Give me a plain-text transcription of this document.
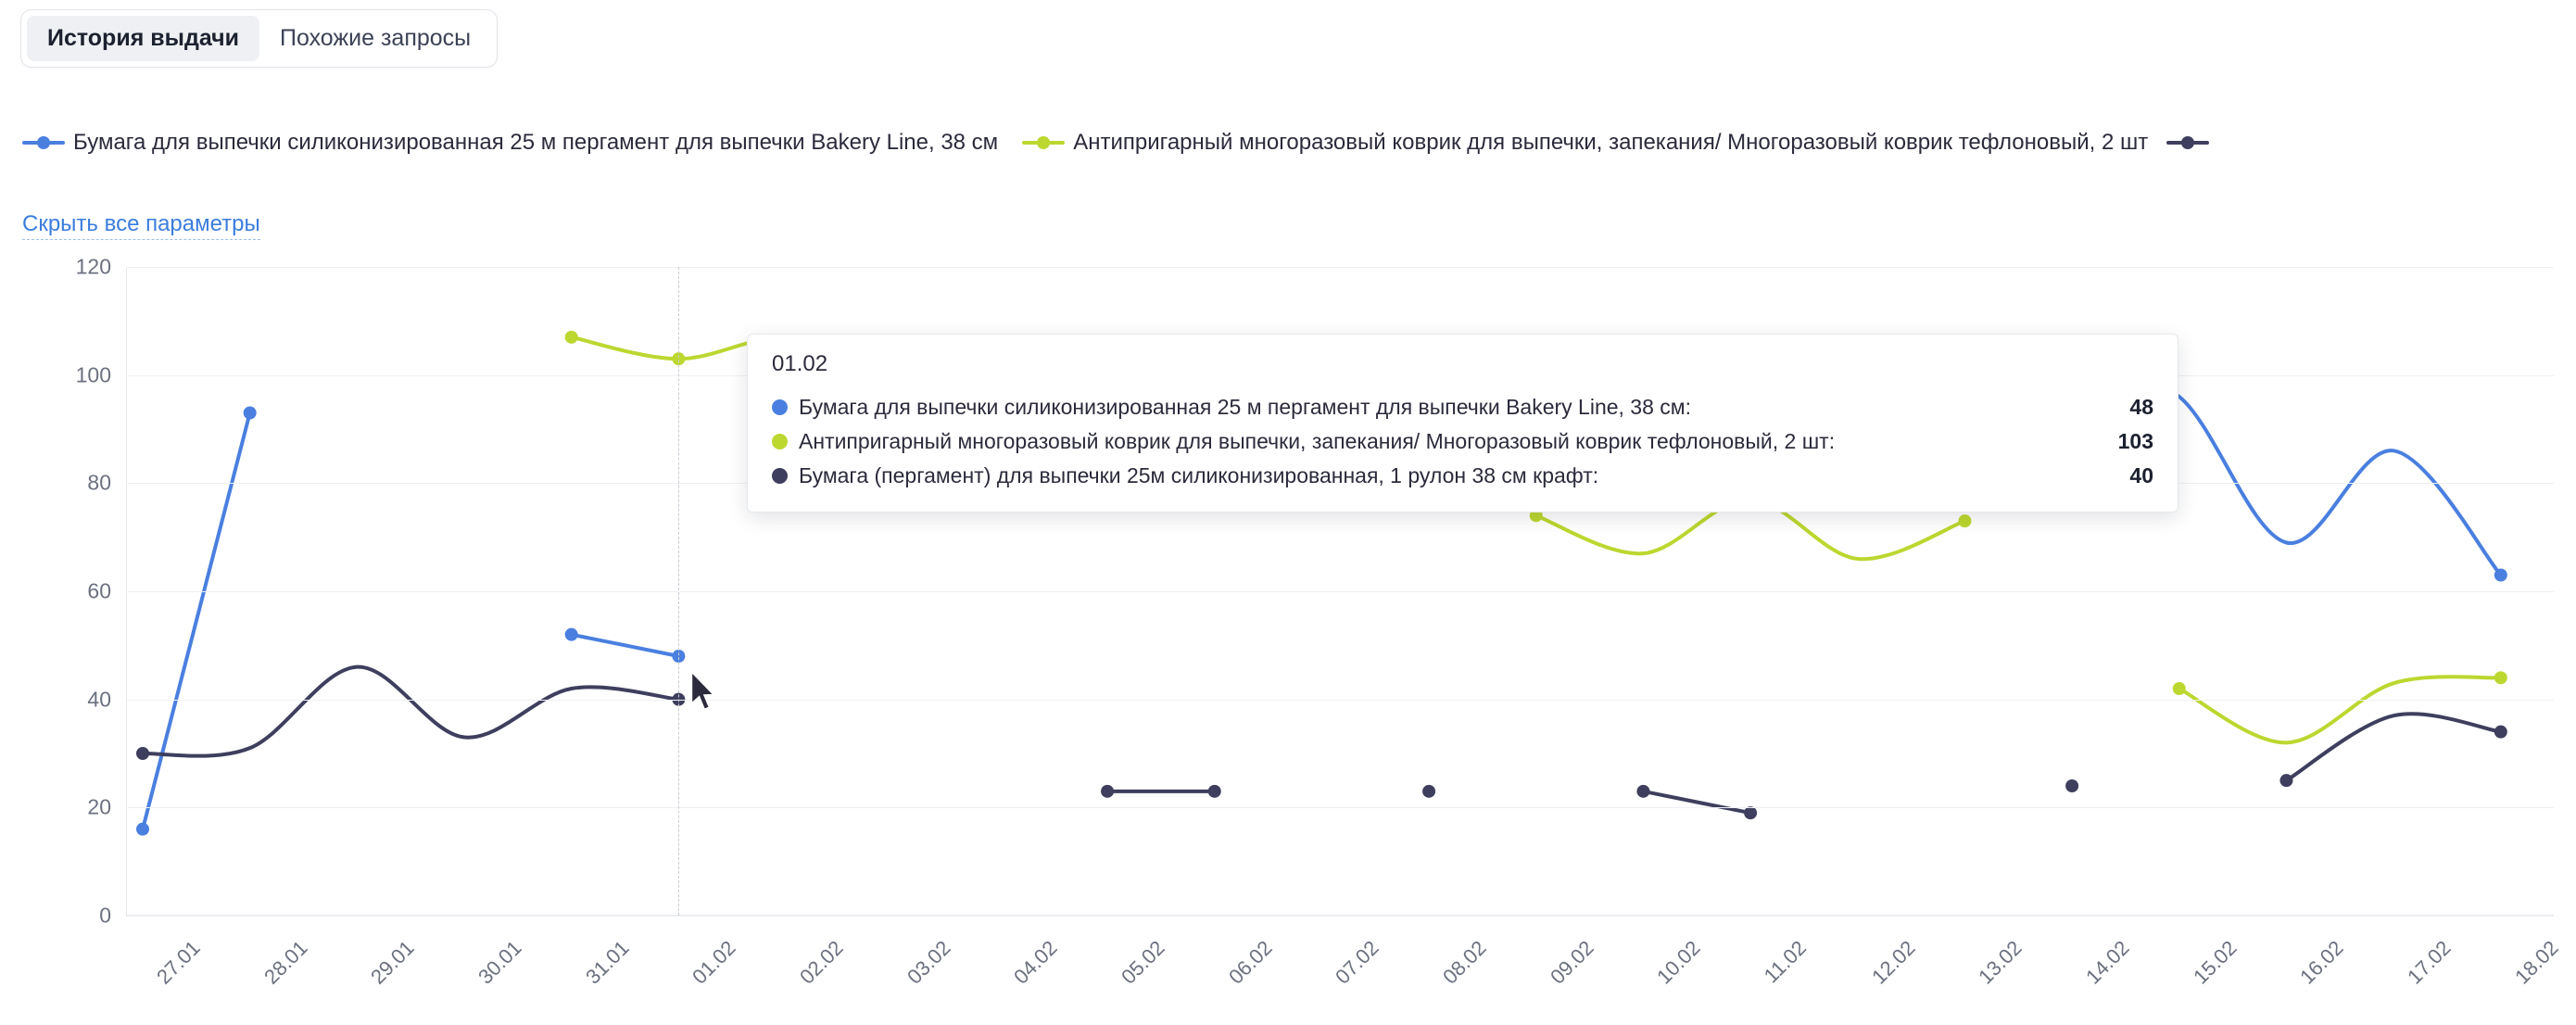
История выдачи	Похожие запросы
Бумага для выпечки силиконизированная 25 м пергамент для выпечки Bakery Line, 38 см	Антипригарный многоразовый коврик для выпечки, запекания/ Многоразовый коврик тефлоновый, 2 шт
Скрыть все параметры
0
20
40
60
80
100
120
27.01	28.01	29.01	30.01	31.01	01.02	02.02	03.02	04.02	05.02	06.02	07.02	08.02	09.02	10.02	11.02	12.02	13.02	14.02	15.02	16.02	17.02	18.02
01.02
Бумага для выпечки силиконизированная 25 м пергамент для выпечки Bakery Line, 38 см:	48
Антипригарный многоразовый коврик для выпечки, запекания/ Многоразовый коврик тефлоновый, 2 шт:	103
Бумага (пергамент) для выпечки 25м силиконизированная, 1 рулон 38 см крафт:	40
